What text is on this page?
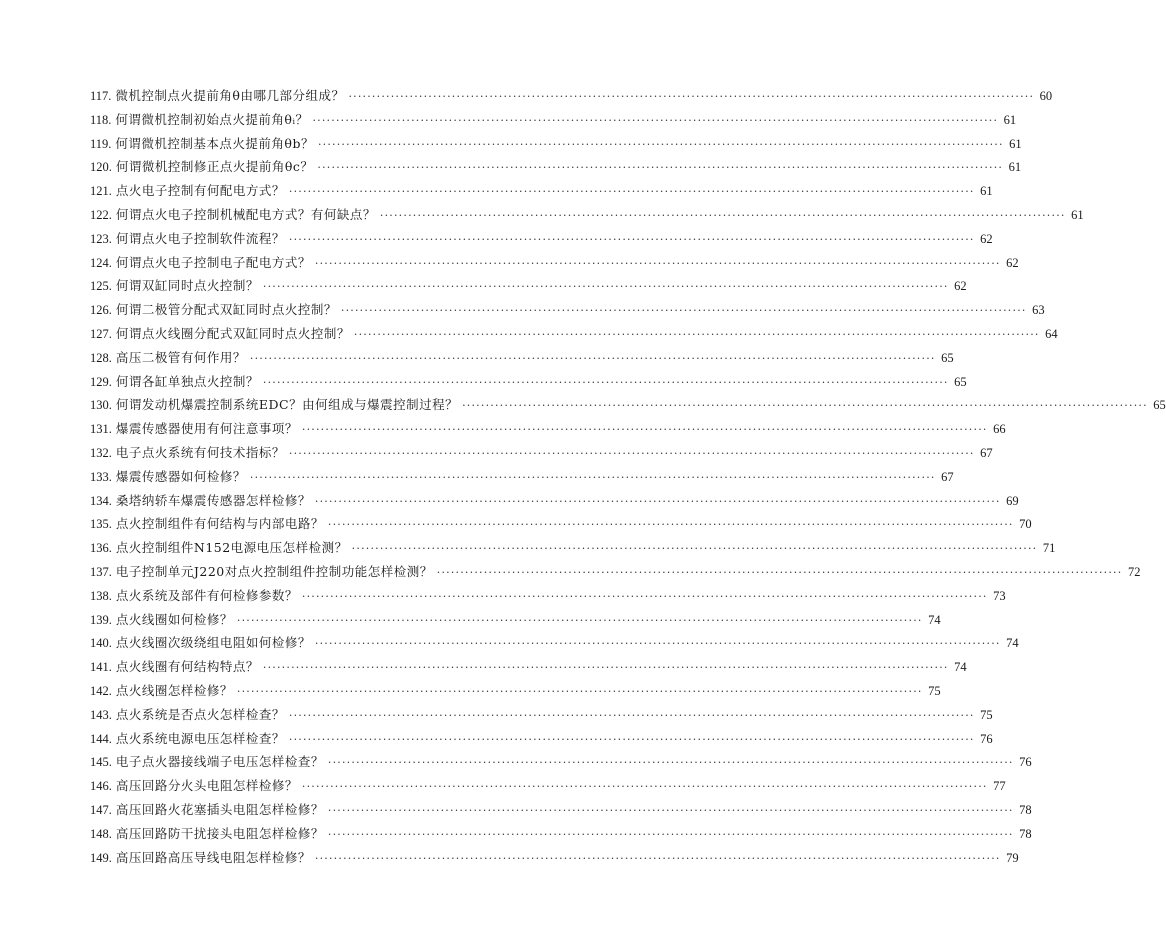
117. 微机控制点火提前角θ由哪几部分组成？ ·····	60
118. 何谓微机控制初始点火提前角θᵢ？ ·····	61
119. 何谓微机控制基本点火提前角θb？ ·····	61
120. 何谓微机控制修正点火提前角θc？ ·····	61
121. 点火电子控制有何配电方式？ ·····	61
122. 何谓点火电子控制机械配电方式？有何缺点？ ·····	61
123. 何谓点火电子控制软件流程？ ·····	62
124. 何谓点火电子控制电子配电方式？ ·····	62
125. 何谓双缸同时点火控制？ ·····	62
126. 何谓二极管分配式双缸同时点火控制？ ·····	63
127. 何谓点火线圈分配式双缸同时点火控制？ ·····	64
128. 高压二极管有何作用？ ·····	65
129. 何谓各缸单独点火控制？ ·····	65
130. 何谓发动机爆震控制系统EDC？由何组成与爆震控制过程？ ·····	65
131. 爆震传感器使用有何注意事项？ ·····	66
132. 电子点火系统有何技术指标？ ·····	67
133. 爆震传感器如何检修？ ·····	67
134. 桑塔纳轿车爆震传感器怎样检修？ ·····	69
135. 点火控制组件有何结构与内部电路？ ·····	70
136. 点火控制组件N152电源电压怎样检测？ ·····	71
137. 电子控制单元J220对点火控制组件控制功能怎样检测？ ·····	72
138. 点火系统及部件有何检修参数？ ·····	73
139. 点火线圈如何检修？ ·····	74
140. 点火线圈次级绕组电阻如何检修？ ·····	74
141. 点火线圈有何结构特点？ ·····	74
142. 点火线圈怎样检修？ ·····	75
143. 点火系统是否点火怎样检查？ ·····	75
144. 点火系统电源电压怎样检查？ ·····	76
145. 电子点火器接线端子电压怎样检查？ ·····	76
146. 高压回路分火头电阻怎样检修？ ·····	77
147. 高压回路火花塞插头电阻怎样检修？ ·····	78
148. 高压回路防干扰接头电阻怎样检修？ ·····	78
149. 高压回路高压导线电阻怎样检修？ ·····	79
